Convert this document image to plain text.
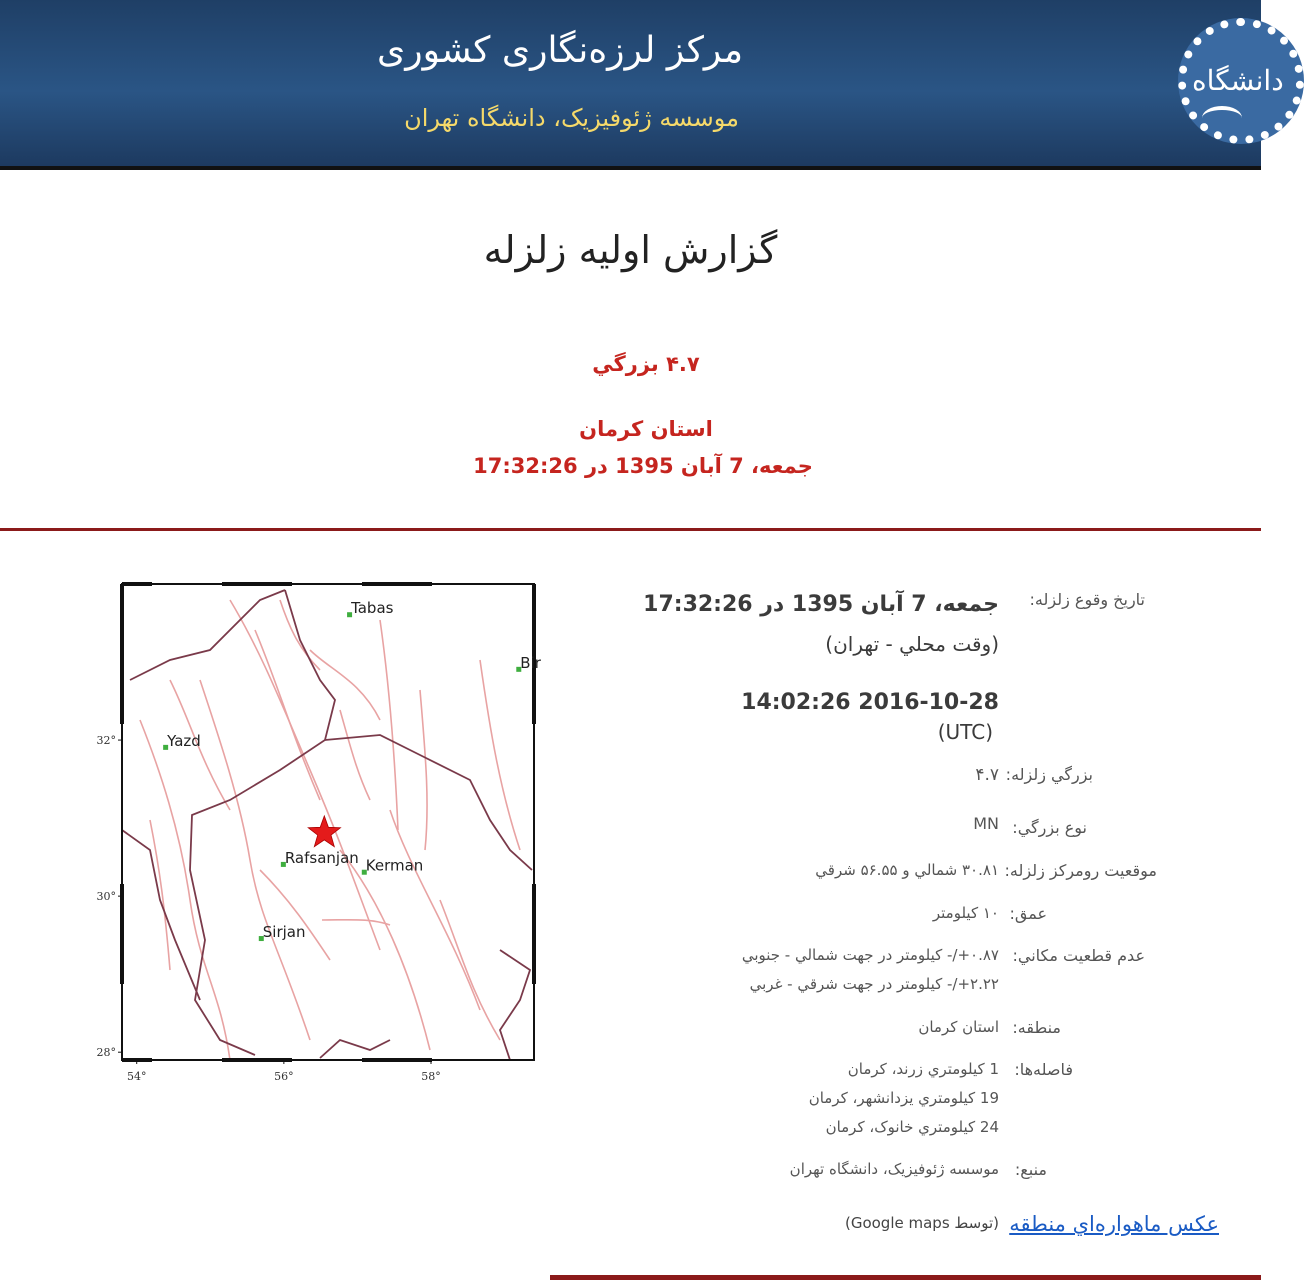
مرکز لرزه‌نگاری کشوری
موسسه ژئوفیزیک، دانشگاه تهران
دانشگاه
گزارش اوليه زلزله
۴.۷ بزرگي
استان کرمان
جمعه، 7 آبان 1395 در 17:32:26
32°
30°
28°
54°	56°	58°
Tabas
Bir
Yazd
Rafsanjan Kerman
Sirjan
تاريخ وقوع زلزله:
جمعه، 7 آبان 1395 در 17:32:26
(وقت محلي - تهران)
2016-10-28 14:02:26
(UTC)
بزرگي زلزله:
۴.۷
نوع بزرگي:
MN
موقعيت رومرکز زلزله:
۳۰.۸۱ شمالي و ۵۶.۵۵ شرقي
عمق:
۱۰ کيلومتر
عدم قطعيت مکاني:
۰.۸۷+/- کيلومتر در جهت شمالي - جنوبي
۲.۲۲+/- کيلومتر در جهت شرقي - غربي
منطقه:
استان کرمان
فاصله‌ها:
1 کيلومتري زرند، کرمان
19 کيلومتري يزدانشهر، کرمان
24 کيلومتري خانوک، کرمان
منبع:
موسسه ژئوفيزيک، دانشگاه تهران
عکس ماهواره‌اي منطقه
(توسط Google maps)
